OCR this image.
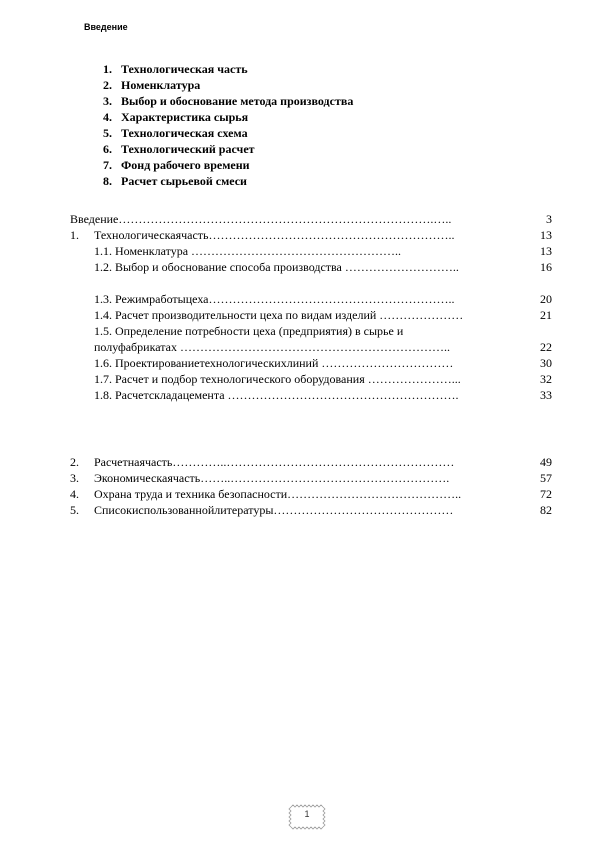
Введение
1. Технологическая часть
2. Номенклатура
3. Выбор и обоснование метода производства
4. Характеристика сырья
5. Технологическая схема
6. Технологический расчет
7. Фонд рабочего времени
8. Расчет сырьевой смеси
Введение…………………………………………………………………….…..	3
1. Технологическаячасть……………………………………………………..	13
1.1. Номенклатура ……………………………………………..	13
1.2. Выбор и обоснование способа производства ………………………..	16
1.3. Режимработыцеха……………………………………………………..	20
1.4. Расчет производительности цеха по видам изделий …………………	21
1.5. Определение потребности цеха (предприятия) в сырье и
полуфабрикатах …………………………………………………………..	22
1.6. Проектированиетехнологическихлиний ……………………………	30
1.7. Расчет и подбор технологического оборудования …………………...	32
1.8. Расчетскладацемента ………………………………………………….	33
2. Расчетнаячасть…………..…………………………………………………	49
3. Экономическаячасть……..……………………………………………….	57
4. Охрана труда и техника безопасности……………………………………..	72
5. Списокиспользованнойлитературы………………………………………	82
1
